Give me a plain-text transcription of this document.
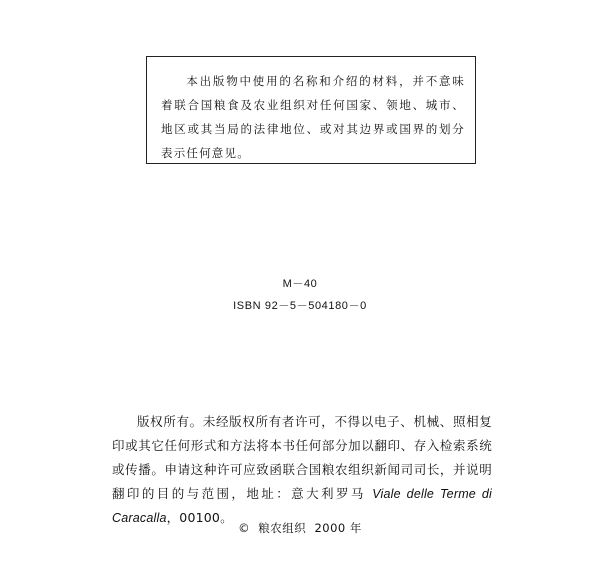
本出版物中使用的名称和介绍的材料，并不意味着联合国粮食及农业组织对任何国家、领地、城市、地区或其当局的法律地位、或对其边界或国界的划分表示任何意见。

M－40
ISBN 92－5－504180－0

版权所有。未经版权所有者许可，不得以电子、机械、照相复印或其它任何形式和方法将本书任何部分加以翻印、存入检索系统或传播。申请这种许可应致函联合国粮农组织新闻司司长，并说明翻印的目的与范围，地址：意大利罗马 Viale delle Terme di Caracalla，00100。

© 粮农组织 2000 年
